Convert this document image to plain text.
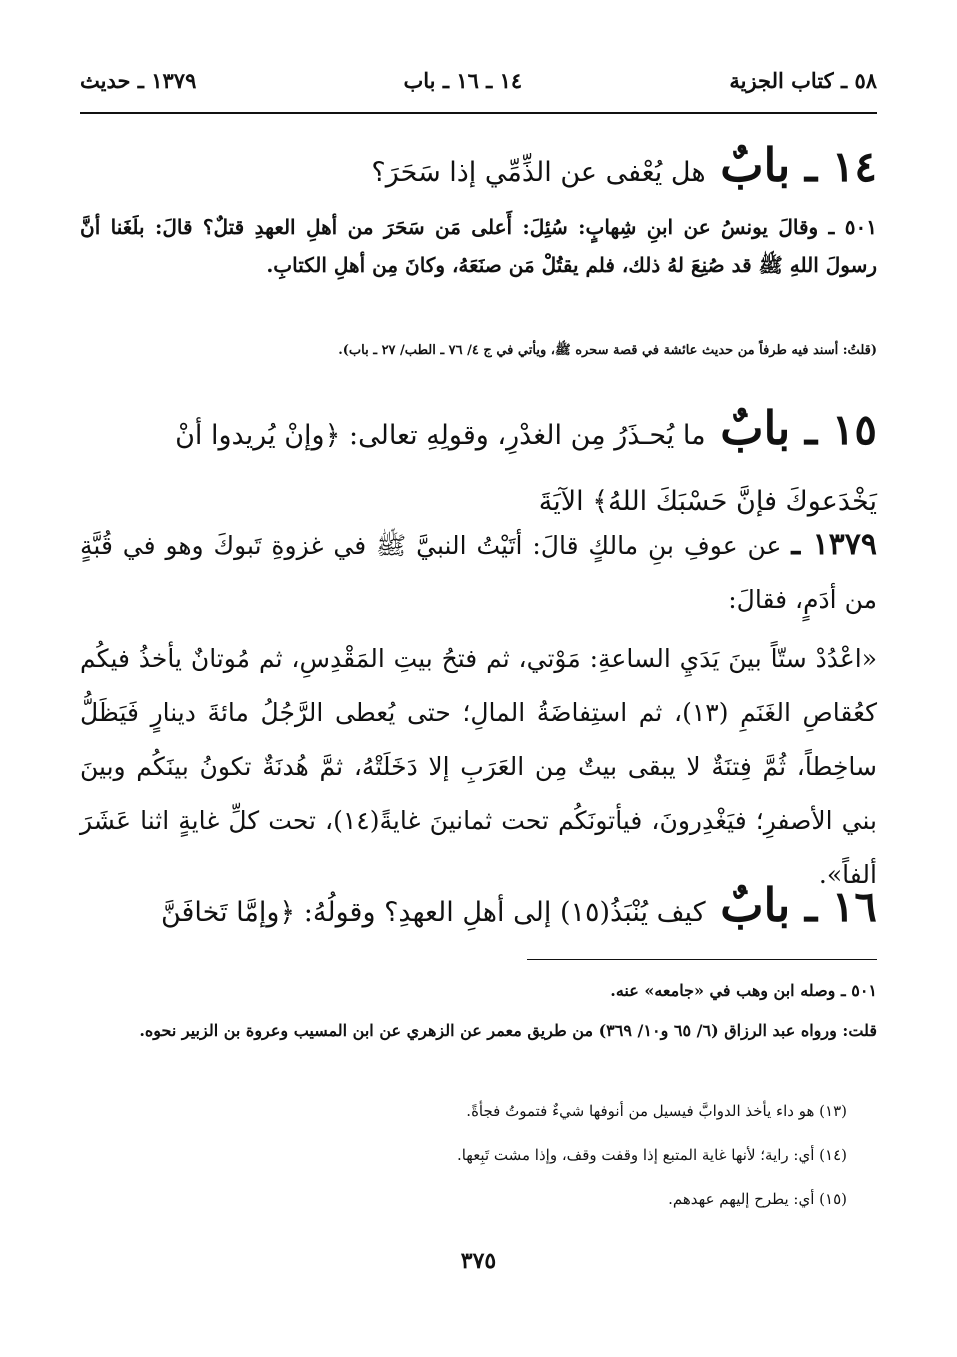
٥٨ ـ كتاب الجزية
١٤ ـ ١٦ ـ باب
١٣٧٩ ـ حديث
١٤ ـ بابٌ هل يُعْفى عن الذِّمِّي إذا سَحَرَ؟
٥٠١ ـ وقالَ يونسُ عن ابنِ شِهابٍ: سُئِلَ: أَعلى مَن سَحَرَ من أهلِ العهدِ قتلٌ؟ قالَ: بلَغَنا أنَّ رسولَ اللهِ ﷺ قد صُنِعَ لهُ ذلك، فلم يقتُلْ مَن صنَعَهُ، وكانَ مِن أهلِ الكتابِ.
(قلتُ: أسند فيه طرفاً من حديث عائشة في قصة سحره ﷺ، ويأتي في ج ٤/ ٧٦ ـ الطب/ ٢٧ ـ باب).
١٥ ـ بابٌ ما يُحـذَرُ مِن الغدْرِ، وقولِهِ تعالى: ﴿وإنْ يُريدوا أنْ يَخْدَعوكَ فإنَّ حَسْبَكَ اللهُ﴾ الآيَةَ
١٣٧٩ ـ عن عوفِ بنِ مالكٍ قالَ: أتَيْتُ النبيَّ ﷺ في غزوةِ تَبوكَ وهو في قُبَّةٍ من أدَمٍ، فقالَ:
«اعْدُدْ ستّاً بينَ يَدَيِ الساعةِ: مَوْتي، ثم فتحُ بيتِ المَقْدِسِ، ثم مُوتانٌ يأخذُ فيكُم كعُقاصِ الغَنَمِ (١٣)، ثم استِفاضَةُ المالِ؛ حتى يُعطى الرَّجُلُ مائةَ دينارٍ فَيَظَلُّ ساخِطاً، ثُمَّ فِتنَةٌ لا يبقى بيتٌ مِن العَرَبِ إلا دَخَلَتْهُ، ثمَّ هُدنَةٌ تكونُ بينَكُم وبينَ بني الأصفرِ؛ فيَغْدِرونَ، فيأتونَكُم تحت ثمانينَ غايةً(١٤)، تحت كلِّ غايةٍ اثنا عَشَرَ ألفاً».
١٦ ـ بابٌ كيف يُنْبَذُ(١٥) إلى أهلِ العهدِ؟ وقولُهُ: ﴿وإمَّا تَخافَنَّ
٥٠١ ـ وصله ابن وهب في «جامعه» عنه.
قلت: ورواه عبد الرزاق (٦/ ٦٥ و١٠/ ٣٦٩) من طريق معمر عن الزهري عن ابن المسيب وعروة بن الزبير نحوه.
(١٣) هو داء يأخذ الدوابَّ فيسيل من أنوفها شيءٌ فتموتُ فجأةً.
(١٤) أي: راية؛ لأنها غاية المتبع إذا وقفت وقف، وإذا مشت تَبِعها.
(١٥) أي: يطرح إليهم عهدهم.
٣٧٥
